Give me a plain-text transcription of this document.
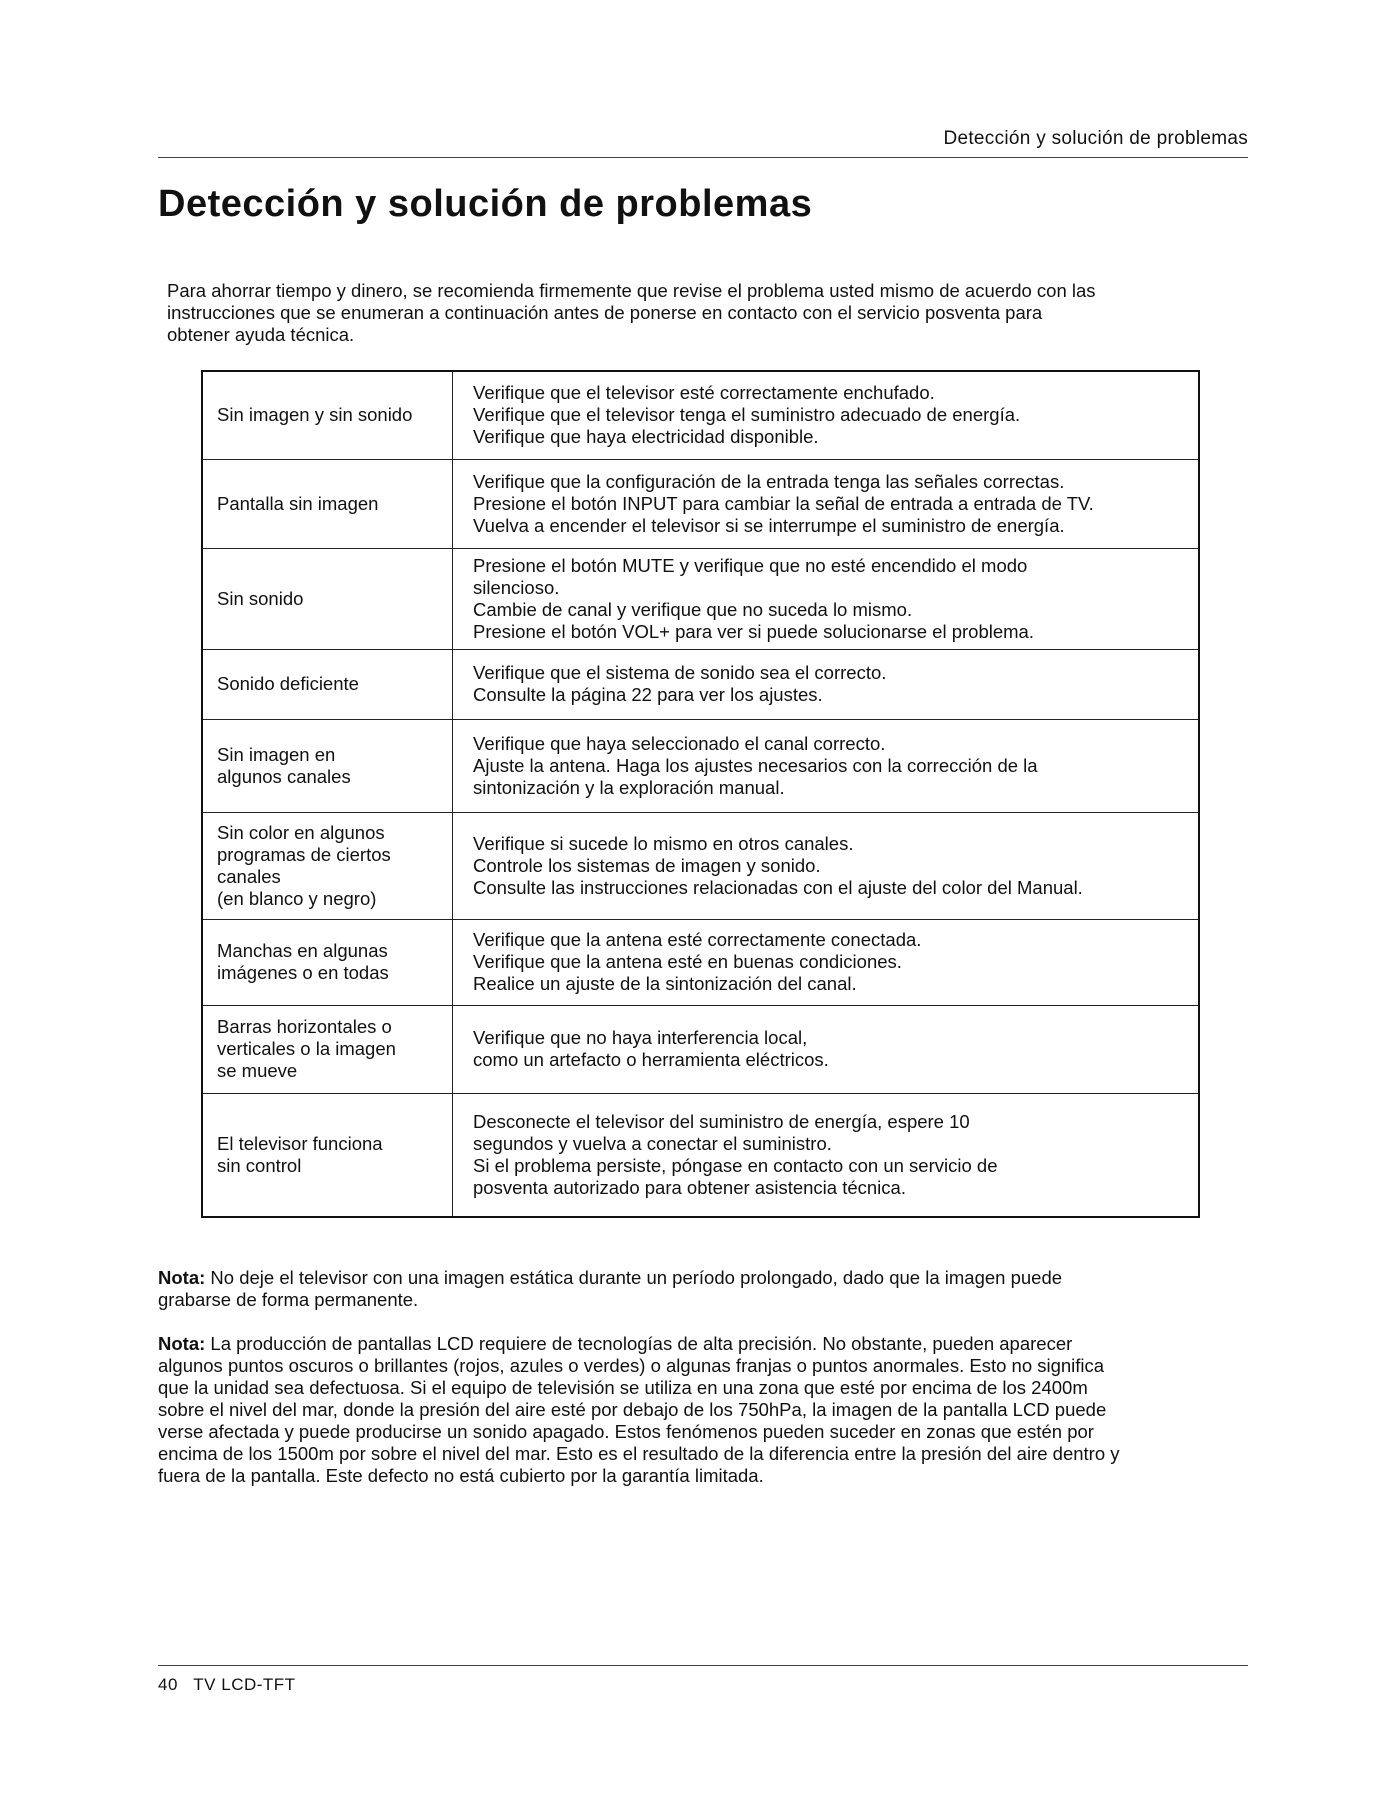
Detección y solución de problemas
Detección y solución de problemas

Para ahorrar tiempo y dinero, se recomienda firmemente que revise el problema usted mismo de acuerdo con las
instrucciones que se enumeran a continuación antes de ponerse en contacto con el servicio posventa para
obtener ayuda técnica.

Sin imagen y sin sonido	Verifique que el televisor esté correctamente enchufado.
Verifique que el televisor tenga el suministro adecuado de energía.
Verifique que haya electricidad disponible.

Pantalla sin imagen	Verifique que la configuración de la entrada tenga las señales correctas.
Presione el botón INPUT para cambiar la señal de entrada a entrada de TV.
Vuelva a encender el televisor si se interrumpe el suministro de energía.

Sin sonido	Presione el botón MUTE y verifique que no esté encendido el modo
silencioso.
Cambie de canal y verifique que no suceda lo mismo.
Presione el botón VOL+ para ver si puede solucionarse el problema.

Sonido deficiente	Verifique que el sistema de sonido sea el correcto.
Consulte la página 22 para ver los ajustes.

Sin imagen en
algunos canales	Verifique que haya seleccionado el canal correcto.
Ajuste la antena. Haga los ajustes necesarios con la corrección de la
sintonización y la exploración manual.

Sin color en algunos
programas de ciertos
canales
(en blanco y negro)	Verifique si sucede lo mismo en otros canales.
Controle los sistemas de imagen y sonido.
Consulte las instrucciones relacionadas con el ajuste del color del Manual.

Manchas en algunas
imágenes o en todas	Verifique que la antena esté correctamente conectada.
Verifique que la antena esté en buenas condiciones.
Realice un ajuste de la sintonización del canal.

Barras horizontales o
verticales o la imagen
se mueve	Verifique que no haya interferencia local,
como un artefacto o herramienta eléctricos.

El televisor funciona
sin control	Desconecte el televisor del suministro de energía, espere 10
segundos y vuelva a conectar el suministro.
Si el problema persiste, póngase en contacto con un servicio de
posventa autorizado para obtener asistencia técnica.

Nota: No deje el televisor con una imagen estática durante un período prolongado, dado que la imagen puede
grabarse de forma permanente.

Nota: La producción de pantallas LCD requiere de tecnologías de alta precisión. No obstante, pueden aparecer
algunos puntos oscuros o brillantes (rojos, azules o verdes) o algunas franjas o puntos anormales. Esto no significa
que la unidad sea defectuosa. Si el equipo de televisión se utiliza en una zona que esté por encima de los 2400m
sobre el nivel del mar, donde la presión del aire esté por debajo de los 750hPa, la imagen de la pantalla LCD puede
verse afectada y puede producirse un sonido apagado. Estos fenómenos pueden suceder en zonas que estén por
encima de los 1500m por sobre el nivel del mar. Esto es el resultado de la diferencia entre la presión del aire dentro y
fuera de la pantalla. Este defecto no está cubierto por la garantía limitada.

40 TV LCD-TFT
